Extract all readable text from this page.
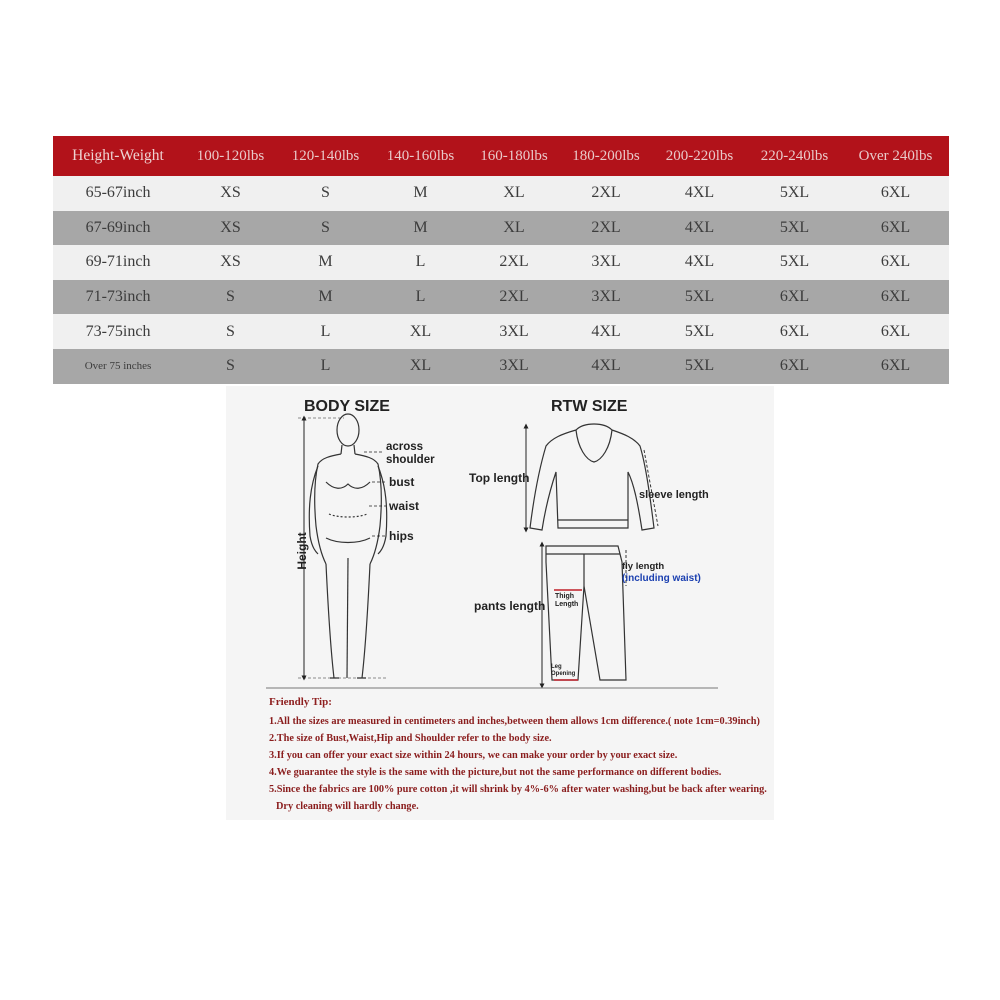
Height-Weight	100-120lbs	120-140lbs	140-160lbs	160-180lbs	180-200lbs	200-220lbs	220-240lbs	Over 240lbs
65-67inch	XS	S	M	XL	2XL	4XL	5XL	6XL
67-69inch	XS	S	M	XL	2XL	4XL	5XL	6XL
69-71inch	XS	M	L	2XL	3XL	4XL	5XL	6XL
71-73inch	S	M	L	2XL	3XL	5XL	6XL	6XL
73-75inch	S	L	XL	3XL	4XL	5XL	6XL	6XL
Over 75 inches	S	L	XL	3XL	4XL	5XL	6XL	6XL
BODY SIZE	RTW SIZE
Height
across
shoulder
bust
waist
hips
Top length
sleeve length
fly length
(including waist)
pants length
Thigh
Length
Leg
Opening
Friendly Tip:
1.All the sizes are measured in centimeters and inches,between them allows 1cm difference.( note 1cm=0.39inch)
2.The size of Bust,Waist,Hip and Shoulder refer to the body size.
3.If you can offer your exact size within 24 hours, we can make your order by your exact size.
4.We guarantee the style is the same with the picture,but not the same performance on different bodies.
5.Since the fabrics are 100% pure cotton ,it will shrink by 4%-6% after water washing,but be back after wearing.
Dry cleaning will hardly change.
